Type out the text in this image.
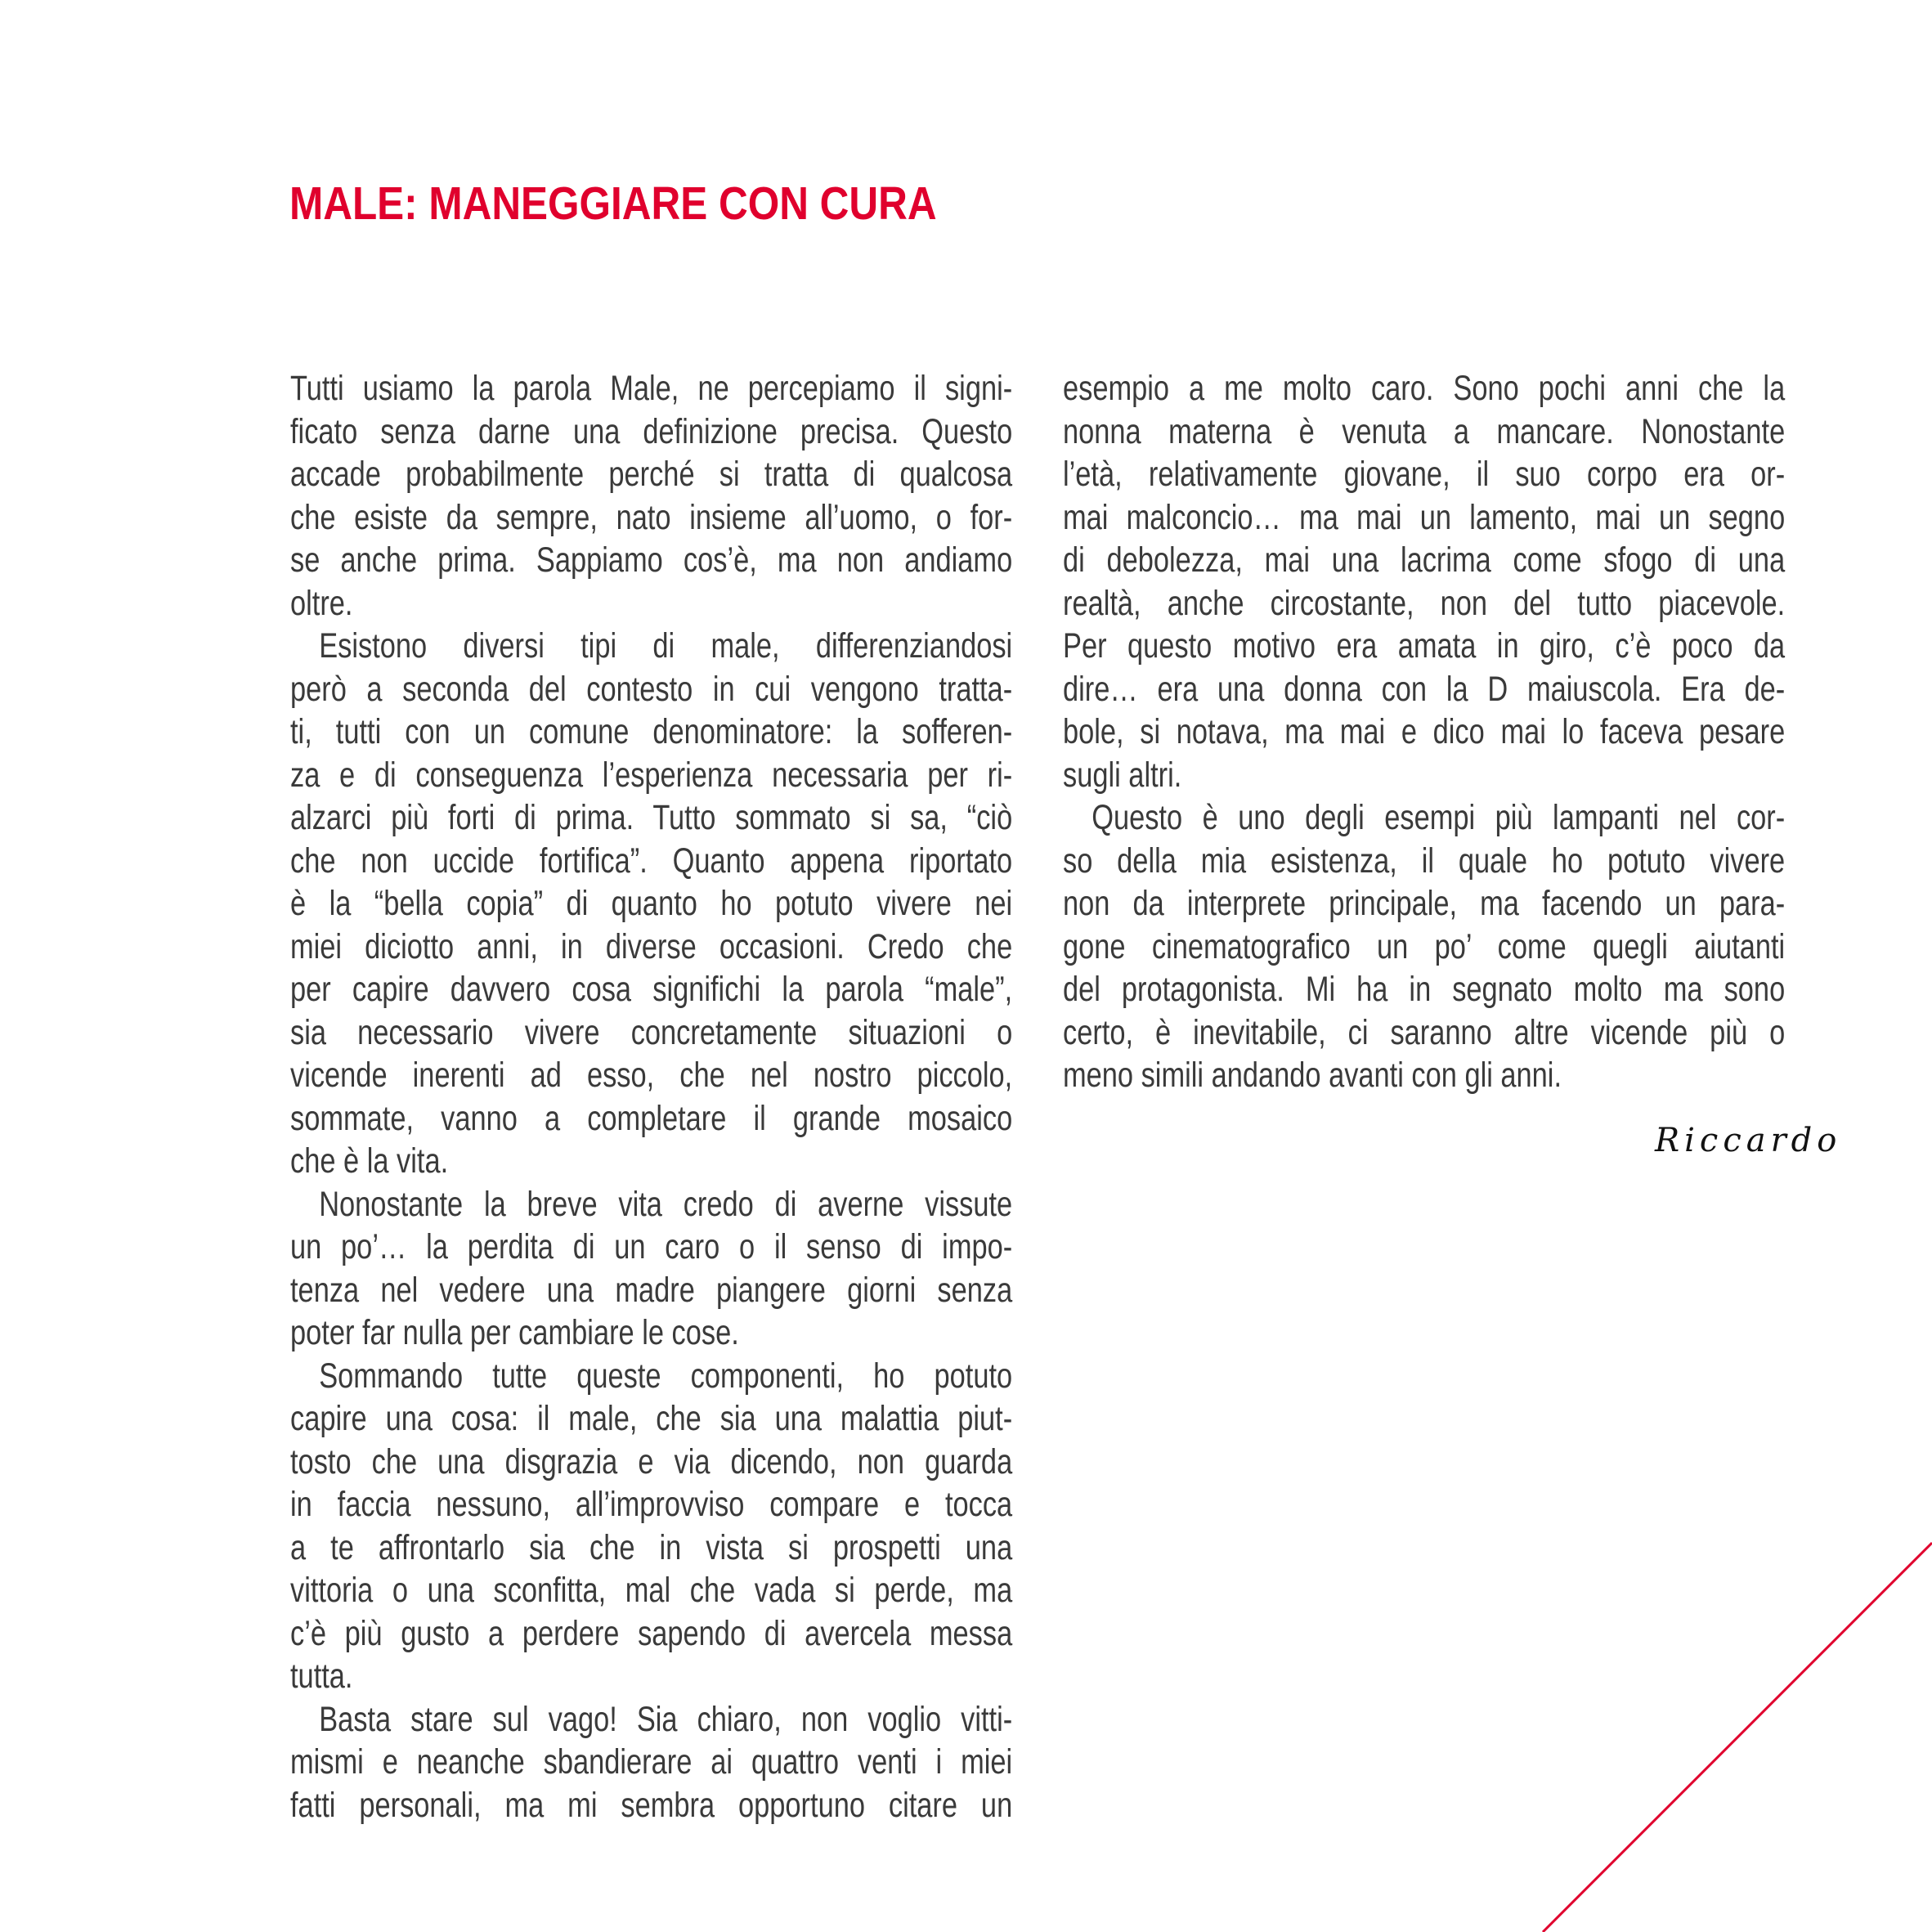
MALE: MANEGGIARE CON CURA
Tutti usiamo la parola Male, ne percepiamo il signi-
ficato senza darne una definizione precisa. Questo
accade probabilmente perché si tratta di qualcosa
che esiste da sempre, nato insieme all’uomo, o for-
se anche prima. Sappiamo cos’è, ma non andiamo
oltre.
Esistono diversi tipi di male, differenziandosi
però a seconda del contesto in cui vengono tratta-
ti, tutti con un comune denominatore: la sofferen-
za e di conseguenza l’esperienza necessaria per ri-
alzarci più forti di prima. Tutto sommato si sa, “ciò
che non uccide fortifica”. Quanto appena riportato
è la “bella copia” di quanto ho potuto vivere nei
miei diciotto anni, in diverse occasioni. Credo che
per capire davvero cosa significhi la parola “male”,
sia necessario vivere concretamente situazioni o
vicende inerenti ad esso, che nel nostro piccolo,
sommate, vanno a completare il grande mosaico
che è la vita.
Nonostante la breve vita credo di averne vissute
un po’… la perdita di un caro o il senso di impo-
tenza nel vedere una madre piangere giorni senza
poter far nulla per cambiare le cose.
Sommando tutte queste componenti, ho potuto
capire una cosa: il male, che sia una malattia piut-
tosto che una disgrazia e via dicendo, non guarda
in faccia nessuno, all’improvviso compare e tocca
a te affrontarlo sia che in vista si prospetti una
vittoria o una sconfitta, mal che vada si perde, ma
c’è più gusto a perdere sapendo di avercela messa
tutta.
Basta stare sul vago! Sia chiaro, non voglio vitti-
mismi e neanche sbandierare ai quattro venti i miei
fatti personali, ma mi sembra opportuno citare un
esempio a me molto caro. Sono pochi anni che la
nonna materna è venuta a mancare. Nonostante
l’età, relativamente giovane, il suo corpo era or-
mai malconcio… ma mai un lamento, mai un segno
di debolezza, mai una lacrima come sfogo di una
realtà, anche circostante, non del tutto piacevole.
Per questo motivo era amata in giro, c’è poco da
dire… era una donna con la D maiuscola. Era de-
bole, si notava, ma mai e dico mai lo faceva pesare
sugli altri.
Questo è uno degli esempi più lampanti nel cor-
so della mia esistenza, il quale ho potuto vivere
non da interprete principale, ma facendo un para-
gone cinematografico un po’ come quegli aiutanti
del protagonista. Mi ha in segnato molto ma sono
certo, è inevitabile, ci saranno altre vicende più o
meno simili andando avanti con gli anni.
Riccardo
